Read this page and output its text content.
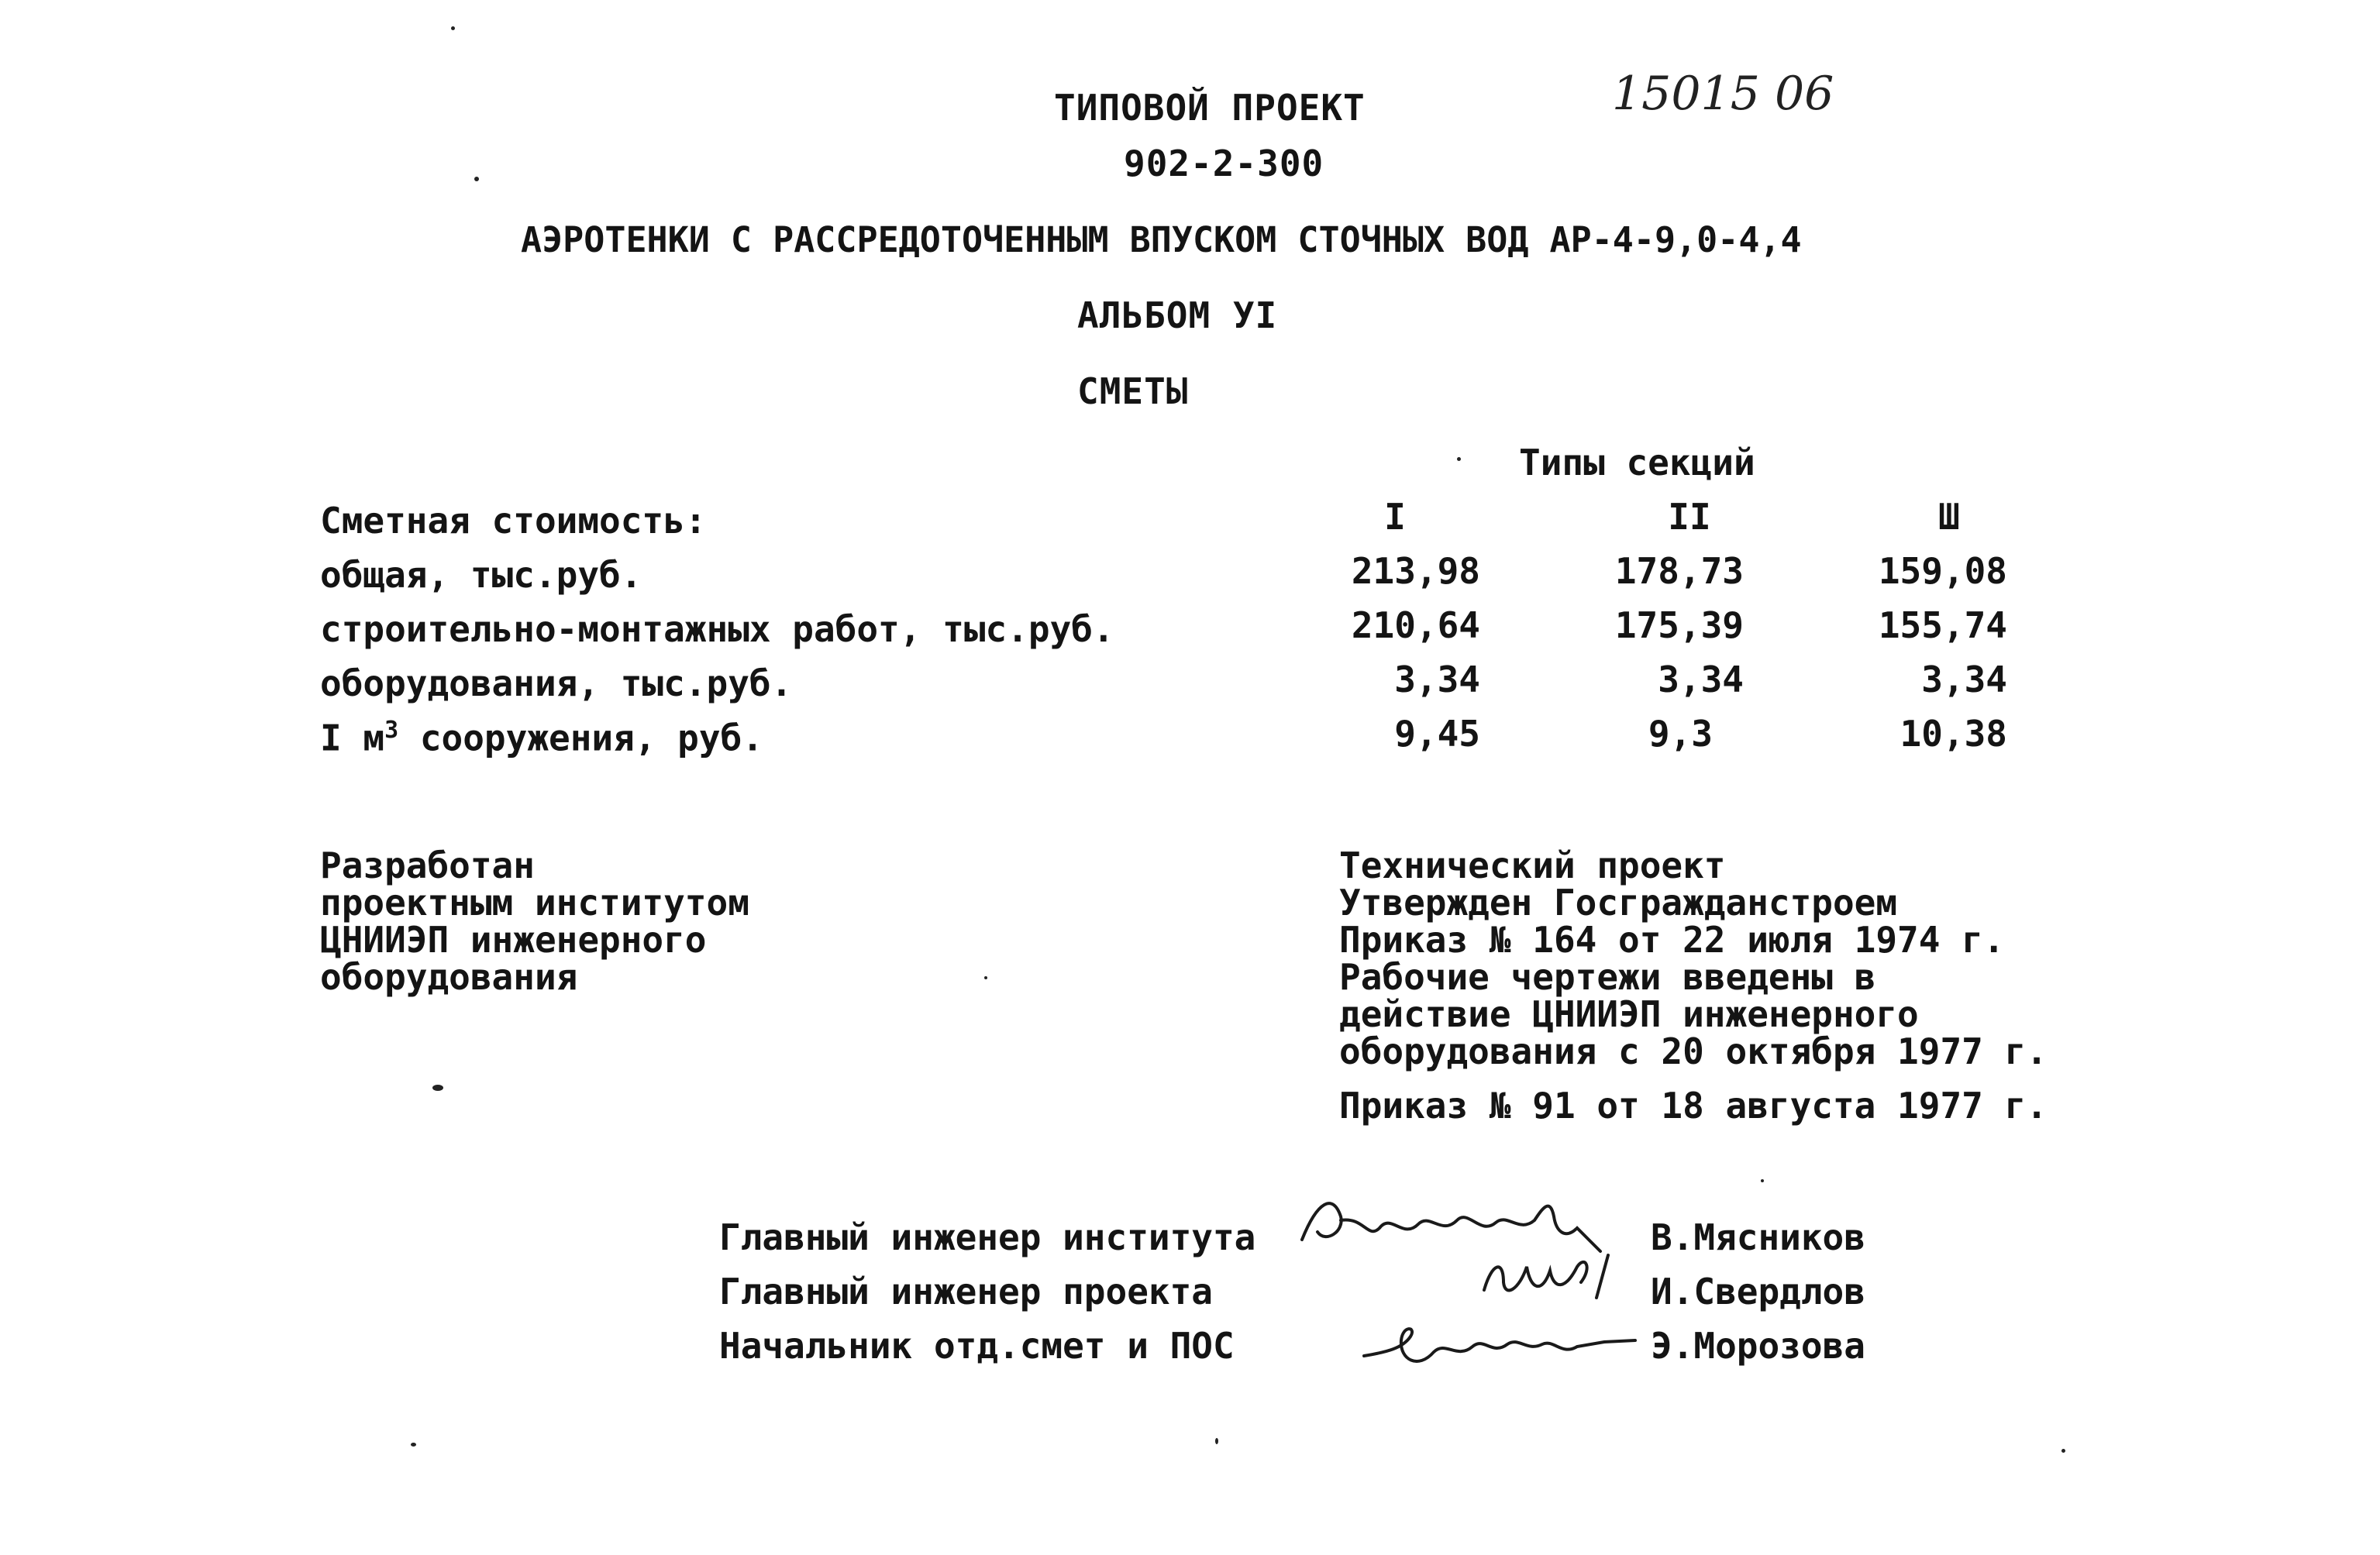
ТИПОВОЙ ПРОЕКТ	15015 06
902-2-300
АЭРОТЕНКИ С РАССРЕДОТОЧЕННЫМ ВПУСКОМ СТОЧНЫХ ВОД АР-4-9,0-4,4
АЛЬБОМ УI
СМЕТЫ
Типы секций
Сметная стоимость:	I	II	Ш
общая, тыс.руб.	213,98	178,73	159,08
строительно-монтажных работ, тыс.руб.	210,64	175,39	155,74
оборудования, тыс.руб.	3,34	3,34	3,34
I $м^3$ сооружения, руб.	9,45	9,3	10,38
Разработан
проектным институтом
ЦНИИЭП инженерного
оборудования
Технический проект
Утвержден Госгражданстроем
Приказ № 164 от 22 июля 1974 г.
Рабочие чертежи введены в
действие ЦНИИЭП инженерного
оборудования с 20 октября 1977 г.
Приказ № 91 от 18 августа 1977 г.
Главный инженер института	В.Мясников
Главный инженер проекта	И.Свердлов
Начальник отд.смет и ПОС	Э.Морозова
